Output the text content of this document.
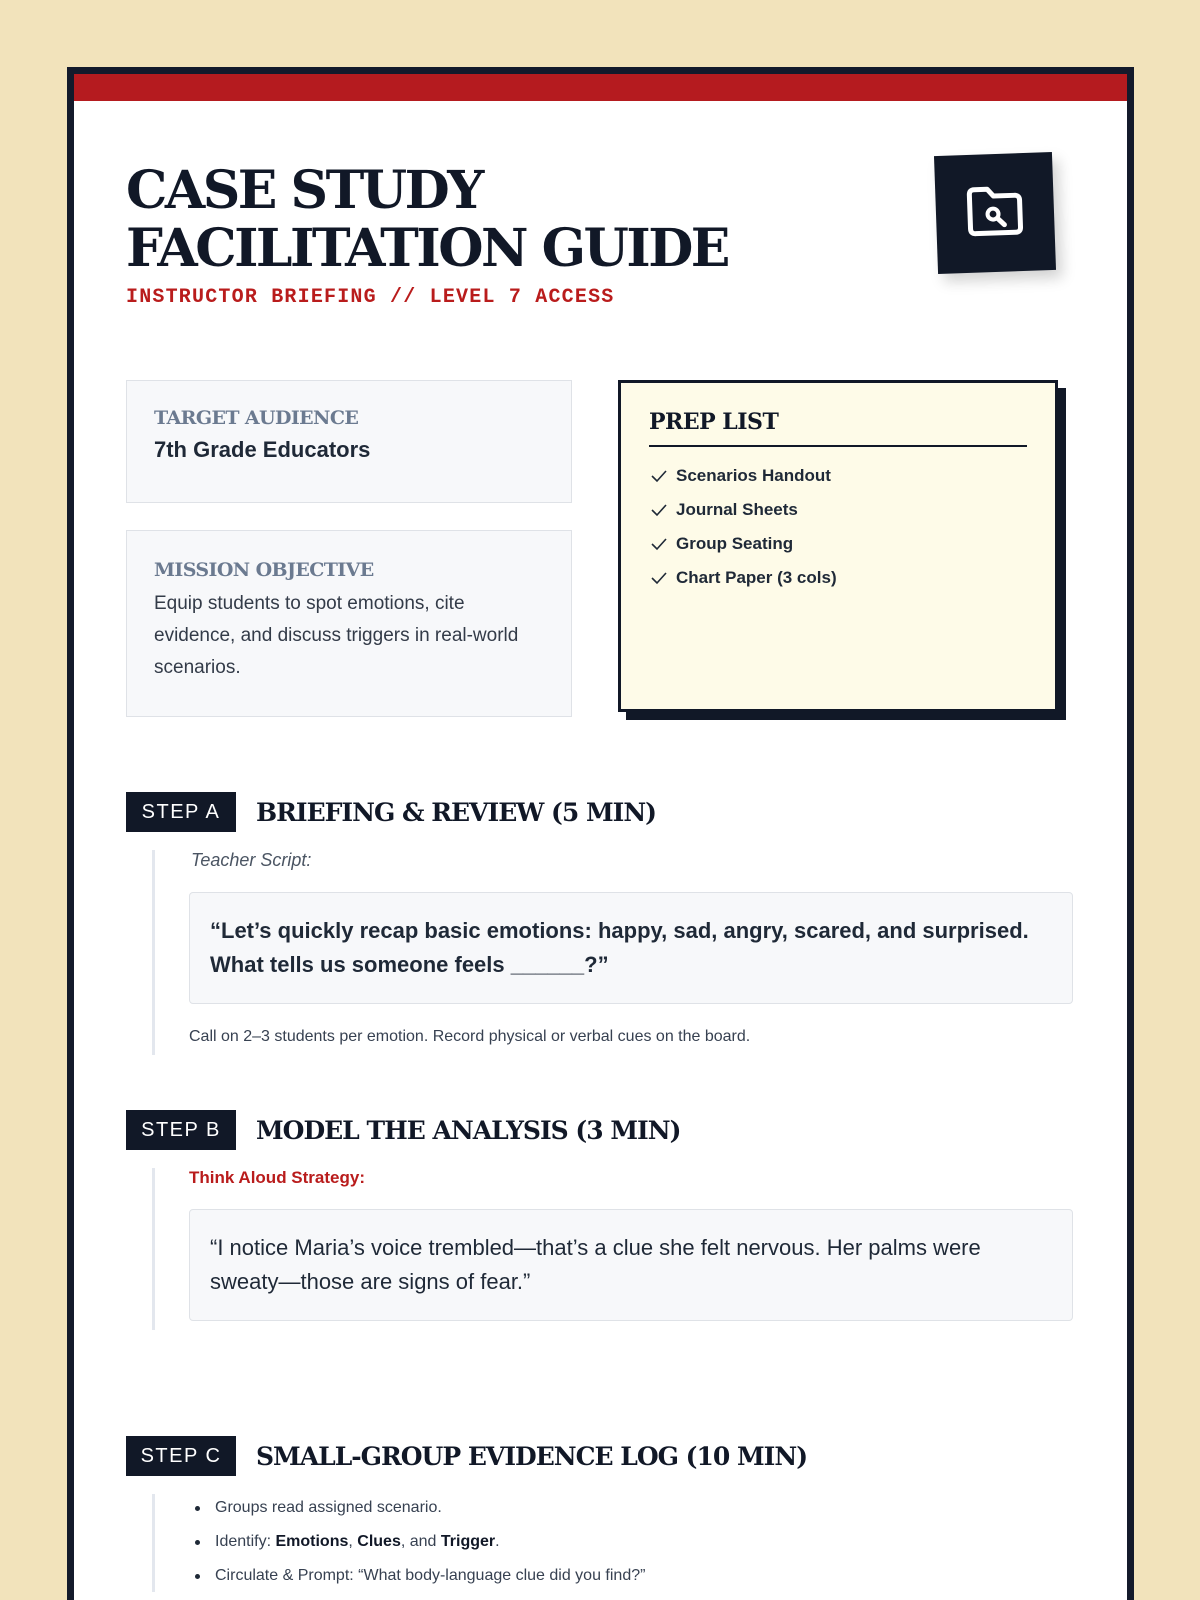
CASE STUDY
FACILITATION GUIDE
INSTRUCTOR BRIEFING // LEVEL 7 ACCESS
TARGET AUDIENCE
7th Grade Educators
MISSION OBJECTIVE
Equip students to spot emotions, cite evidence, and discuss triggers in real-world scenarios.
PREP LIST
Scenarios Handout
Journal Sheets
Group Seating
Chart Paper (3 cols)
STEP A	BRIEFING & REVIEW (5 MIN)
Teacher Script:
“Let’s quickly recap basic emotions: happy, sad, angry, scared, and surprised. What tells us someone feels ______?”
Call on 2–3 students per emotion. Record physical or verbal cues on the board.
STEP B	MODEL THE ANALYSIS (3 MIN)
Think Aloud Strategy:
“I notice Maria’s voice trembled—that’s a clue she felt nervous. Her palms were sweaty—those are signs of fear.”
STEP C	SMALL-GROUP EVIDENCE LOG (10 MIN)
Groups read assigned scenario.
Identify: Emotions, Clues, and Trigger.
Circulate & Prompt: “What body-language clue did you find?”
